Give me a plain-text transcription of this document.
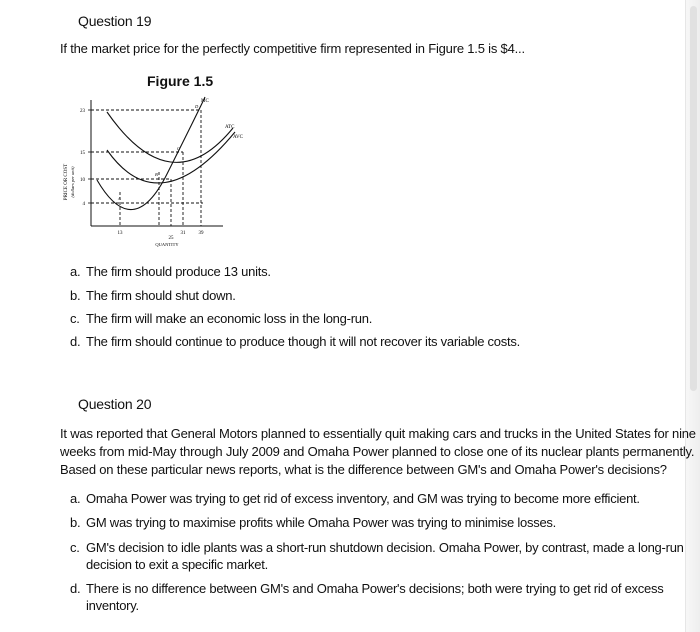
Question 19
If the market price for the perfectly competitive firm represented in Figure 1.5 is $4...
Figure 1.5
PRICE OR COST (dollars per unit)
23
15
10
4
13
25
31	39
QUANTITY
MC
ATC
AVC
A
B
C
D
a. The firm should produce 13 units.
b. The firm should shut down.
c. The firm will make an economic loss in the long-run.
d. The firm should continue to produce though it will not recover its variable costs.
Question 20
It was reported that General Motors planned to essentially quit making cars and trucks in the United States for nine
weeks from mid-May through July 2009 and Omaha Power planned to close one of its nuclear plants permanently.
Based on these particular news reports, what is the difference between GM's and Omaha Power's decisions?
a. Omaha Power was trying to get rid of excess inventory, and GM was trying to become more efficient.
b. GM was trying to maximise profits while Omaha Power was trying to minimise losses.
c. GM's decision to idle plants was a short-run shutdown decision. Omaha Power, by contrast, made a long-run
decision to exit a specific market.
d. There is no difference between GM's and Omaha Power's decisions; both were trying to get rid of excess
inventory.
